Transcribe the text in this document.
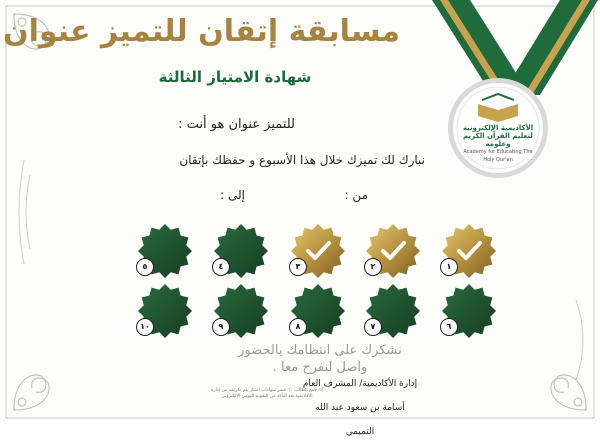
الأكاديمية الإلكترونية لتعليم القرآن الكريم وعلومه
Academy for Educating The Holy Qur'an
مسابقة إتقان للتميز عنوان
شهادة الامتياز الثالثة
للتميز عنوان هو أنت :
نبارك لك تميزك خلال هذا الأسبوع و حفظك بإتقان
من :
إلى :
١
٢
٣
٤
٥
٦
٧
٨
٩
١٠
نشكرك على انتظامك بالحضور واصل لنفرح معا .
إدارة الأكاديمية/ المشرف العام
أسامة بن سعود عبد الله التميمي
إذا جمع الطالب ١٠ عشر شهادات امتياز يتم تكريمه من إدارة الأكاديمية بعد التأكد من التقويم اليومي الالكتروني
